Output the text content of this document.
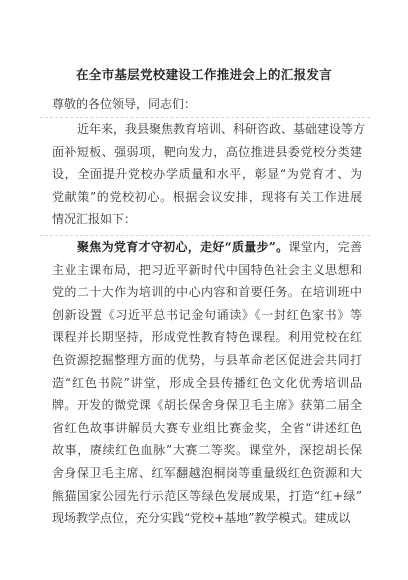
在全市基层党校建设工作推进会上的汇报发言
尊敬的各位领导，同志们：
近年来，我县聚焦教育培训、科研咨政、基础建设等方
面补短板、强弱项，靶向发力，高位推进县委党校分类建
设，全面提升党校办学质量和水平，彰显“为党育才、为
党献策”的党校初心。根据会议安排，现将有关工作进展
情况汇报如下：
聚焦为党育才守初心，走好“质量步”。课堂内，完善
主业主课布局，把习近平新时代中国特色社会主义思想和
党的二十大作为培训的中心内容和首要任务。在培训班中
创新设置《习近平总书记金句诵读》《一封红色家书》等
课程并长期坚持，形成党性教育特色课程。利用党校在红
色资源挖掘整理方面的优势，与县革命老区促进会共同打
造“红色书院”讲堂，形成全县传播红色文化优秀培训品
牌。开发的微党课《胡长保舍身保卫毛主席》获第二届全
省红色故事讲解员大赛专业组比赛金奖，全省“讲述红色
故事，赓续红色血脉”大赛二等奖。课堂外，深挖胡长保
舍身保卫毛主席、红军翻越泡桐岗等重量级红色资源和大
熊猫国家公园先行示范区等绿色发展成果，打造“红+绿”
现场教学点位，充分实践“党校+基地”教学模式。建成以
